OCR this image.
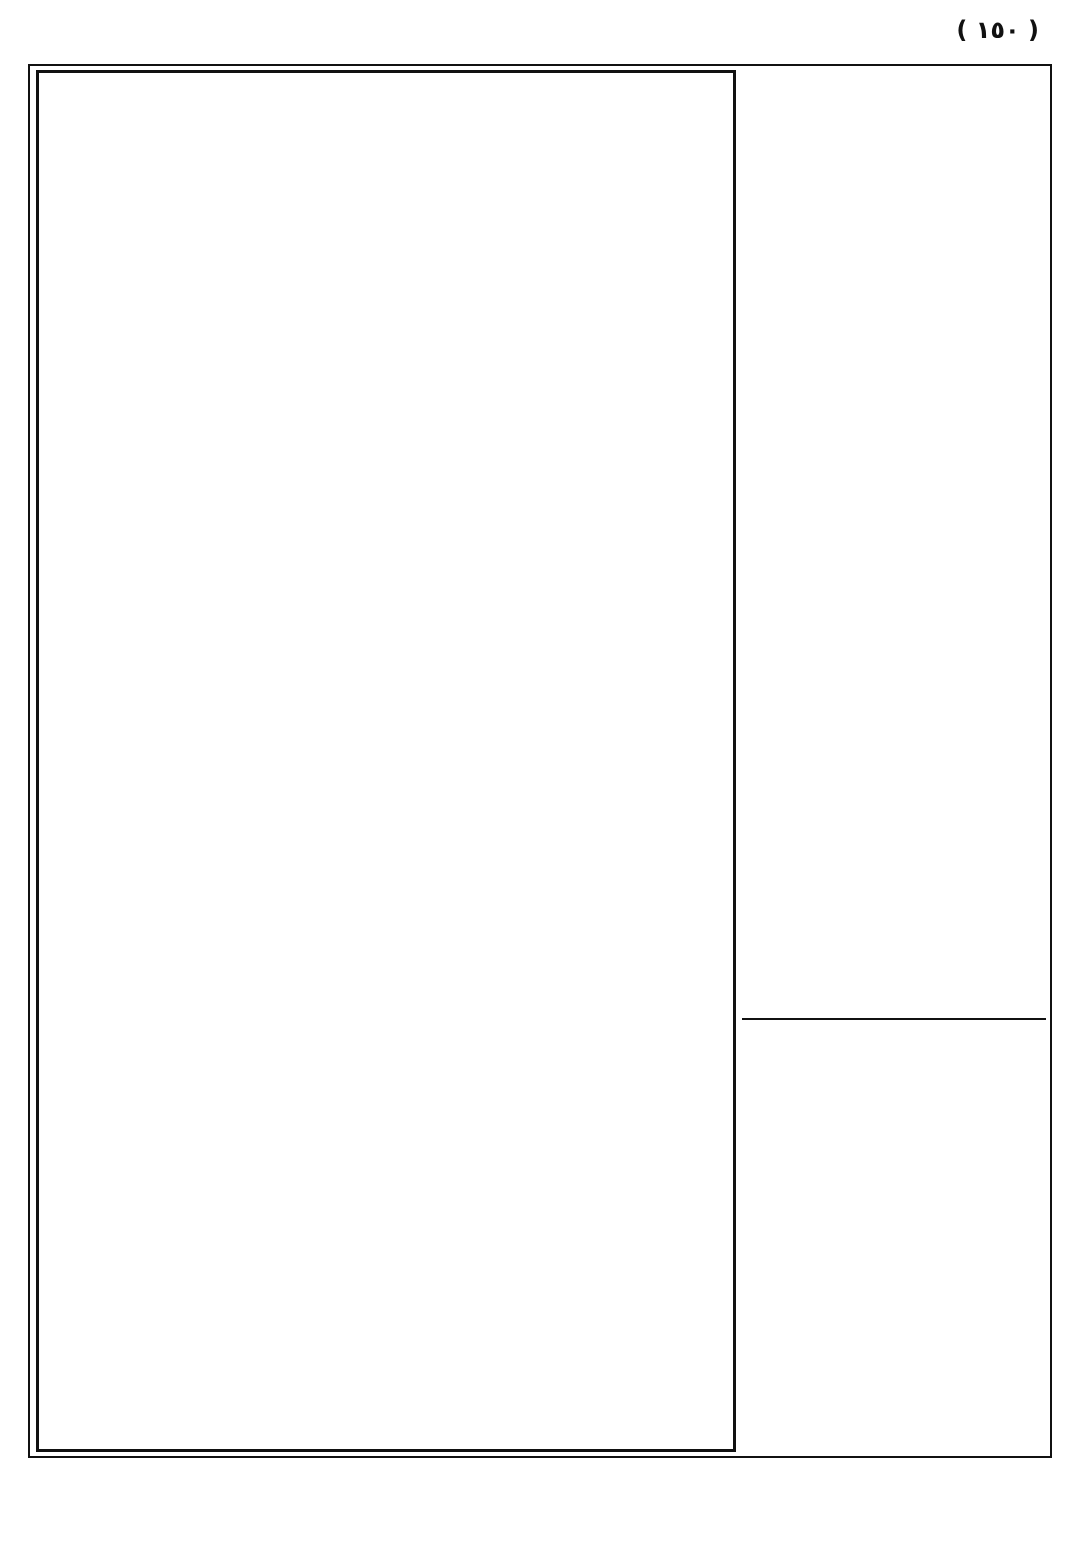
( ١٥٠ )
